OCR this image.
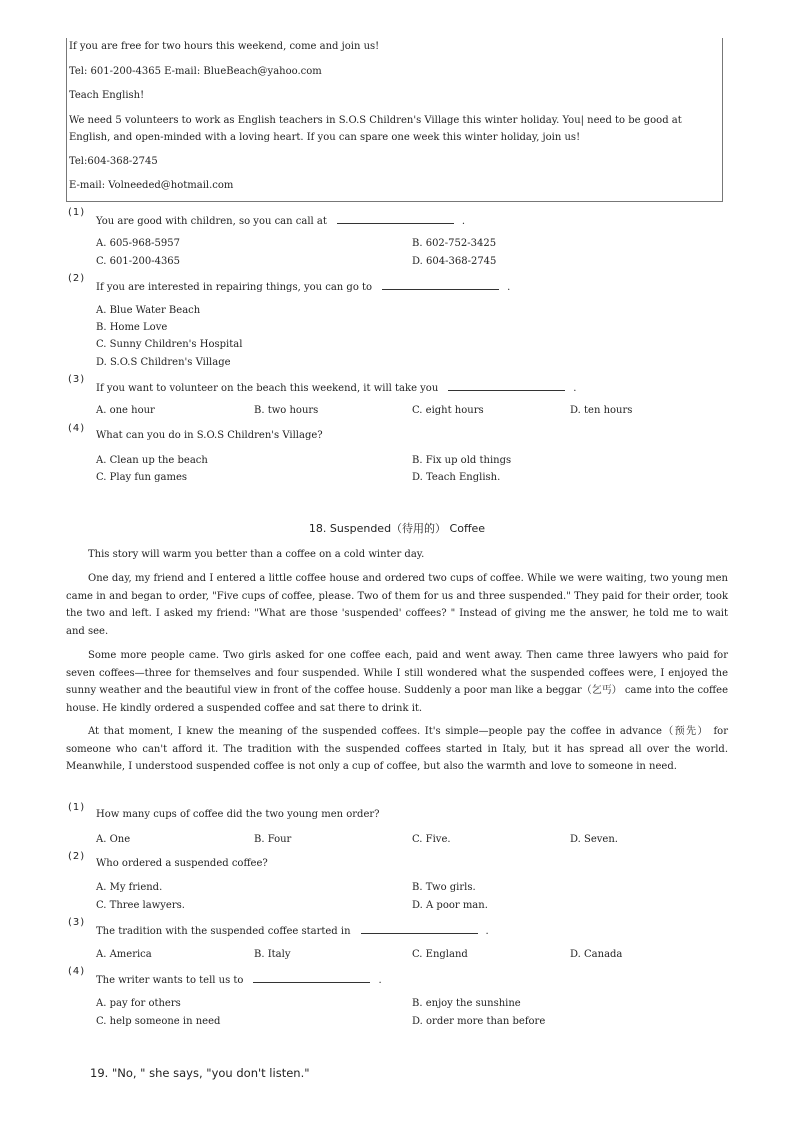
If you are free for two hours this weekend, come and join us!

Tel: 601-200-4365 E-mail: BlueBeach@yahoo.com

Teach English!

We need 5 volunteers to work as English teachers in S.O.S Children's Village this winter holiday. You| need to be good at English, and open-minded with a loving heart. If you can spare one week this winter holiday, join us!

Tel:604-368-2745

E-mail: Volneeded@hotmail.com

(1)
You are good with children, so you can call at	.
A. 605-968-5957	B. 602-752-3425
C. 601-200-4365	D. 604-368-2745
(2)
If you are interested in repairing things, you can go to	.
A. Blue Water Beach
B. Home Love
C. Sunny Children's Hospital
D. S.O.S Children's Village
(3)
If you want to volunteer on the beach this weekend, it will take you	.
A. one hour	B. two hours	C. eight hours	D. ten hours
(4)
What can you do in S.O.S Children's Village?
A. Clean up the beach	B. Fix up old things
C. Play fun games	D. Teach English.
18. Suspended（待用的） Coffee

This story will warm you better than a coffee on a cold winter day.

One day, my friend and I entered a little coffee house and ordered two cups of coffee. While we were waiting, two young men came in and began to order, "Five cups of coffee, please. Two of them for us and three suspended." They paid for their order, took the two and left. I asked my friend: "What are those 'suspended' coffees? " Instead of giving me the answer, he told me to wait and see.

Some more people came. Two girls asked for one coffee each, paid and went away. Then came three lawyers who paid for seven coffees—three for themselves and four suspended. While I still wondered what the suspended coffees were, I enjoyed the sunny weather and the beautiful view in front of the coffee house. Suddenly a poor man like a beggar（乞丐） came into the coffee house. He kindly ordered a suspended coffee and sat there to drink it.

At that moment, I knew the meaning of the suspended coffees. It's simple—people pay the coffee in advance（预先） for someone who can't afford it. The tradition with the suspended coffees started in Italy, but it has spread all over the world. Meanwhile, I understood suspended coffee is not only a cup of coffee, but also the warmth and love to someone in need.

(1)
How many cups of coffee did the two young men order?
A. One	B. Four	C. Five.	D. Seven.
(2)
Who ordered a suspended coffee?
A. My friend.	B. Two girls.
C. Three lawyers.	D. A poor man.
(3)
The tradition with the suspended coffee started in	.
A. America	B. Italy	C. England	D. Canada
(4)
The writer wants to tell us to	.
A. pay for others	B. enjoy the sunshine
C. help someone in need	D. order more than before
19. "No, " she says, "you don't listen."
